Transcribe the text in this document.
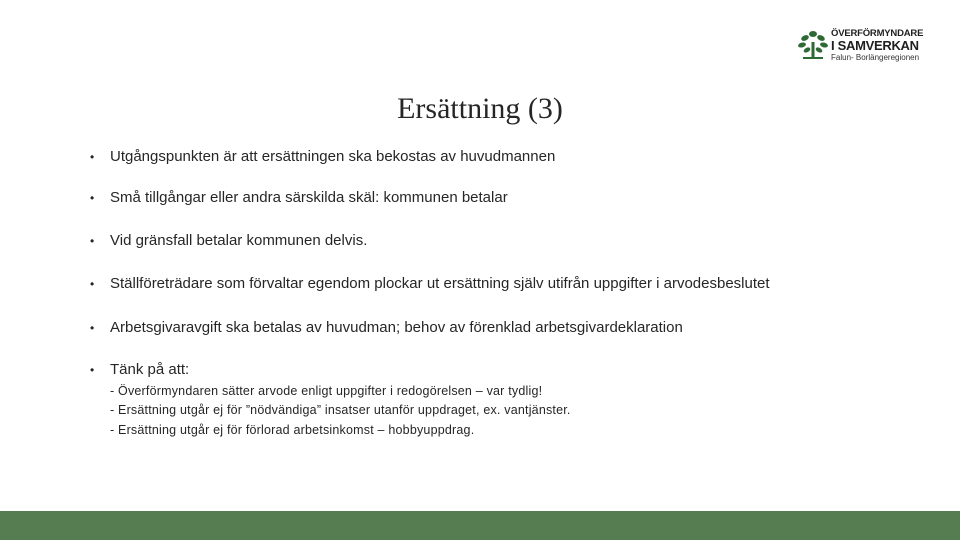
ÖVERFÖRMYNDARE
I SAMVERKAN
Falun- Borlängeregionen
Ersättning (3)
•	Utgångspunkten är att ersättningen ska bekostas av huvudmannen
•	Små tillgångar eller andra särskilda skäl: kommunen betalar
•	Vid gränsfall betalar kommunen delvis.
•	Ställföreträdare som förvaltar egendom plockar ut ersättning själv utifrån uppgifter i arvodesbeslutet
•	Arbetsgivaravgift ska betalas av huvudman; behov av förenklad arbetsgivardeklaration
•	Tänk på att:
- Överförmyndaren sätter arvode enligt uppgifter i redogörelsen – var tydlig!
- Ersättning utgår ej för ”nödvändiga” insatser utanför uppdraget, ex. vantjänster.
- Ersättning utgår ej för förlorad arbetsinkomst – hobbyuppdrag.
